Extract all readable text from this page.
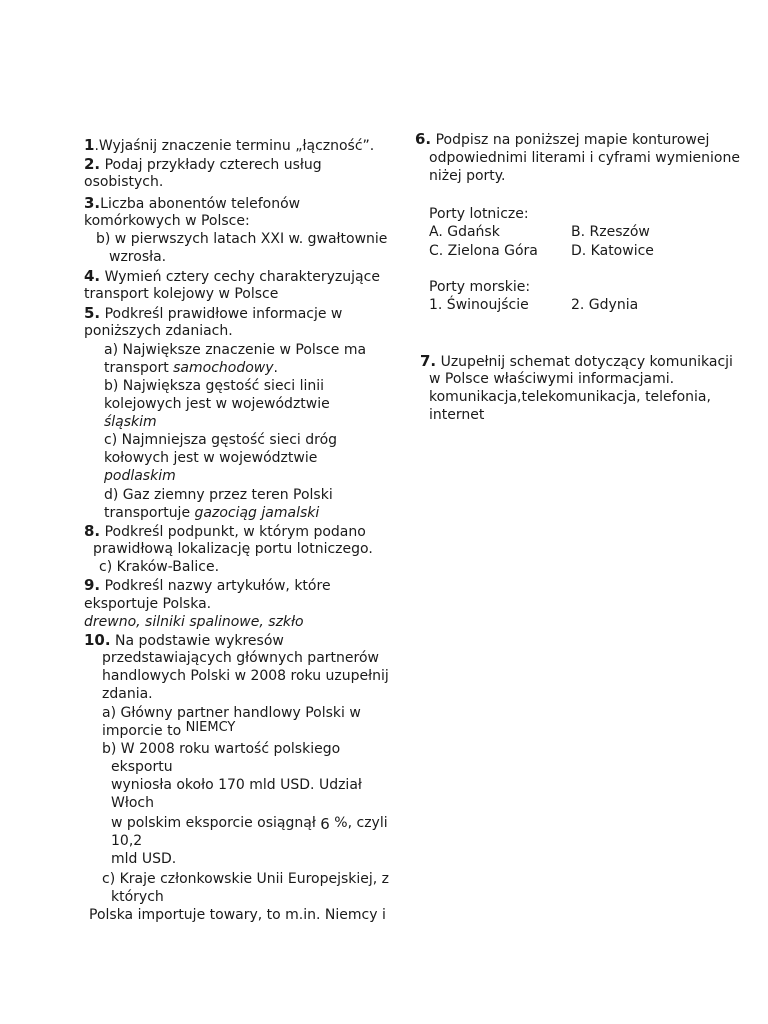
1.Wyjaśnij znaczenie terminu „łączność”.
2. Podaj przykłady czterech usług
osobistych.
3.Liczba abonentów telefonów
komórkowych w Polsce:
b) w pierwszych latach XXI w. gwałtownie
wzrosła.
4. Wymień cztery cechy charakteryzujące
transport kolejowy w Polsce
5. Podkreśl prawidłowe informacje w
poniższych zdaniach.
a) Największe znaczenie w Polsce ma
transport samochodowy.
b) Największa gęstość sieci linii
kolejowych jest w województwie
śląskim
c) Najmniejsza gęstość sieci dróg
kołowych jest w województwie
podlaskim
d) Gaz ziemny przez teren Polski
transportuje gazociąg jamalski
8. Podkreśl podpunkt, w którym podano
prawidłową lokalizację portu lotniczego.
c) Kraków-Balice.
9. Podkreśl nazwy artykułów, które
eksportuje Polska.
drewno, silniki spalinowe, szkło
10. Na podstawie wykresów
przedstawiających głównych partnerów
handlowych Polski w 2008 roku uzupełnij
zdania.
a) Główny partner handlowy Polski w
imporcie to NIEMCY
b) W 2008 roku wartość polskiego
eksportu
wyniosła około 170 mld USD. Udział
Włoch
w polskim eksporcie osiągnął 6 %, czyli
10,2
mld USD.
c) Kraje członkowskie Unii Europejskiej, z
których
Polska importuje towary, to m.in. Niemcy i
6. Podpisz na poniższej mapie konturowej
odpowiednimi literami i cyframi wymienione
niżej porty.
Porty lotnicze:
A. Gdańsk	B. Rzeszów
C. Zielona Góra D. Katowice
Porty morskie:
1. Świnoujście	2. Gdynia
7. Uzupełnij schemat dotyczący komunikacji
w Polsce właściwymi informacjami.
komunikacja,telekomunikacja, telefonia,
internet
